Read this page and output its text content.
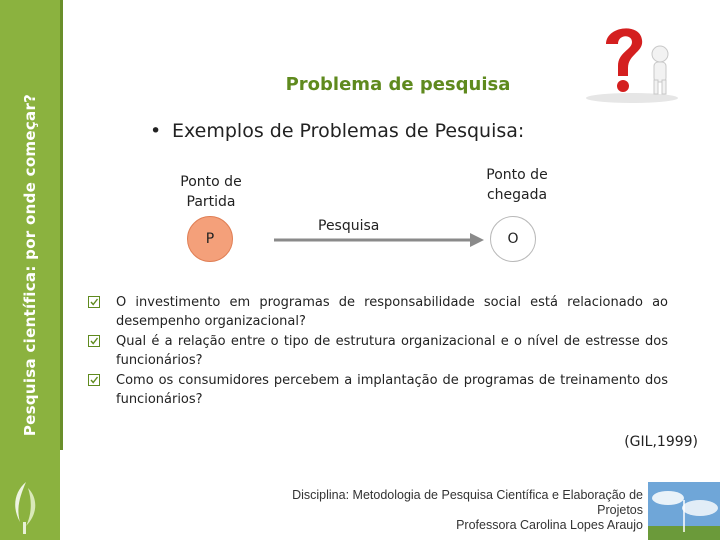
Pesquisa científica: por onde começar?
Problema de pesquisa
• Exemplos de Problemas de Pesquisa:
Ponto de
Partida
Ponto de
chegada
P	O
Pesquisa
O investimento em programas de responsabilidade social está relacionado ao desempenho organizacional?
Qual é a relação entre o tipo de estrutura organizacional e o nível de estresse dos funcionários?
Como os consumidores percebem a implantação de programas de treinamento dos funcionários?
(GIL,1999)
Disciplina: Metodologia de Pesquisa Científica e Elaboração de Projetos
Professora Carolina Lopes Araujo
